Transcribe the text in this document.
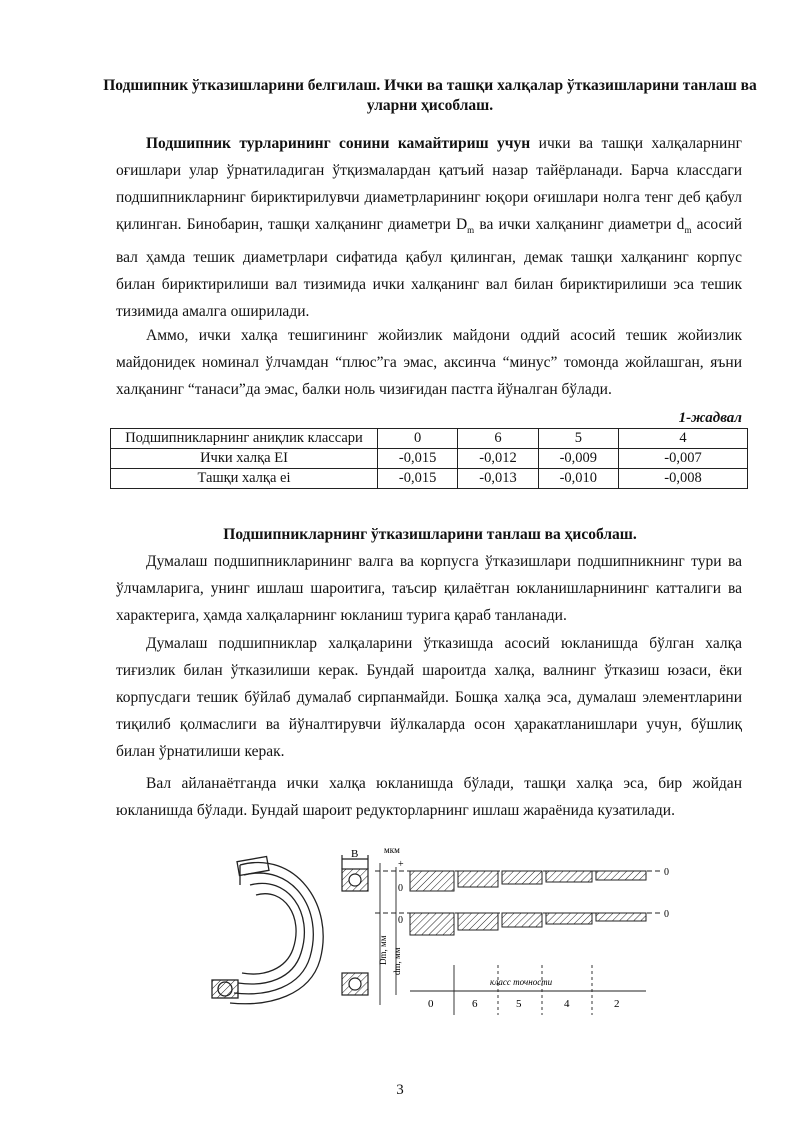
Подшипник ўтказишларини белгилаш. Ички ва ташқи халқалар ўтказишларини танлаш ва уларни ҳисоблаш.

Подшипник турларининг сонини камайтириш учун ички ва ташқи халқаларнинг оғишлари улар ўрнатиладиган ўтқизмалардан қатъий назар тайёрланади. Барча классдаги подшипникларнинг бириктирилувчи диаметрларининг юқори оғишлари нолга тенг деб қабул қилинган. Бинобарин, ташқи халқанинг диаметри $D_m$ ва ички халқанинг диаметри $d_m$ асосий вал ҳамда тешик диаметрлари сифатида қабул қилинган, демак ташқи халқанинг корпус билан бириктирилиши вал тизимида ички халқанинг вал билан бириктирилиши эса тешик тизимида амалга оширилади.

Аммо, ички халқа тешигининг жойизлик майдони оддий асосий тешик жойизлик майдонидек номинал ўлчамдан “плюс”га эмас, аксинча “минус” томонда жойлашган, яъни халқанинг “танаси”да эмас, балки ноль чизиғидан пастга йўналган бўлади.

1-жадвал
Подшипникларнинг аниқлик классари	0	6	5	4
Ички халқа EI	-0,015	-0,012	-0,009	-0,007
Ташқи халқа ei	-0,015	-0,013	-0,010	-0,008
Подшипникларнинг ўтказишларини танлаш ва ҳисоблаш.

Думалаш подшипникларининг валга ва корпусга ўтказишлари подшипникнинг тури ва ўлчамларига, унинг ишлаш шароитига, таъсир қилаётган юкланишларнининг катталиги ва характерига, ҳамда халқаларнинг юкланиш турига қараб танланади.

Думалаш подшипниклар халқаларини ўтказишда асосий юкланишда бўлган халқа тиғизлик билан ўтказилиши керак. Бундай шароитда халқа, валнинг ўтказиш юзаси, ёки корпусдаги тешик бўйлаб думалаб сирпанмайди. Бошқа халқа эса, думалаш элементларини тиқилиб қолмаслиги ва йўналтирувчи йўлкаларда осон ҳаракатланишлари учун, бўшлиқ билан ўрнатилиши керак.

Вал айланаётганда ички халқа юкланишда бўлади, ташқи халқа эса, бир жойдан юкланишда бўлади. Бундай шароит редукторларнинг ишлаш жараёнида кузатилади.

B	мкм
+
0
0
0
0
Dm, мм dm, мм
класс точности
0	6	5	4	2
3
